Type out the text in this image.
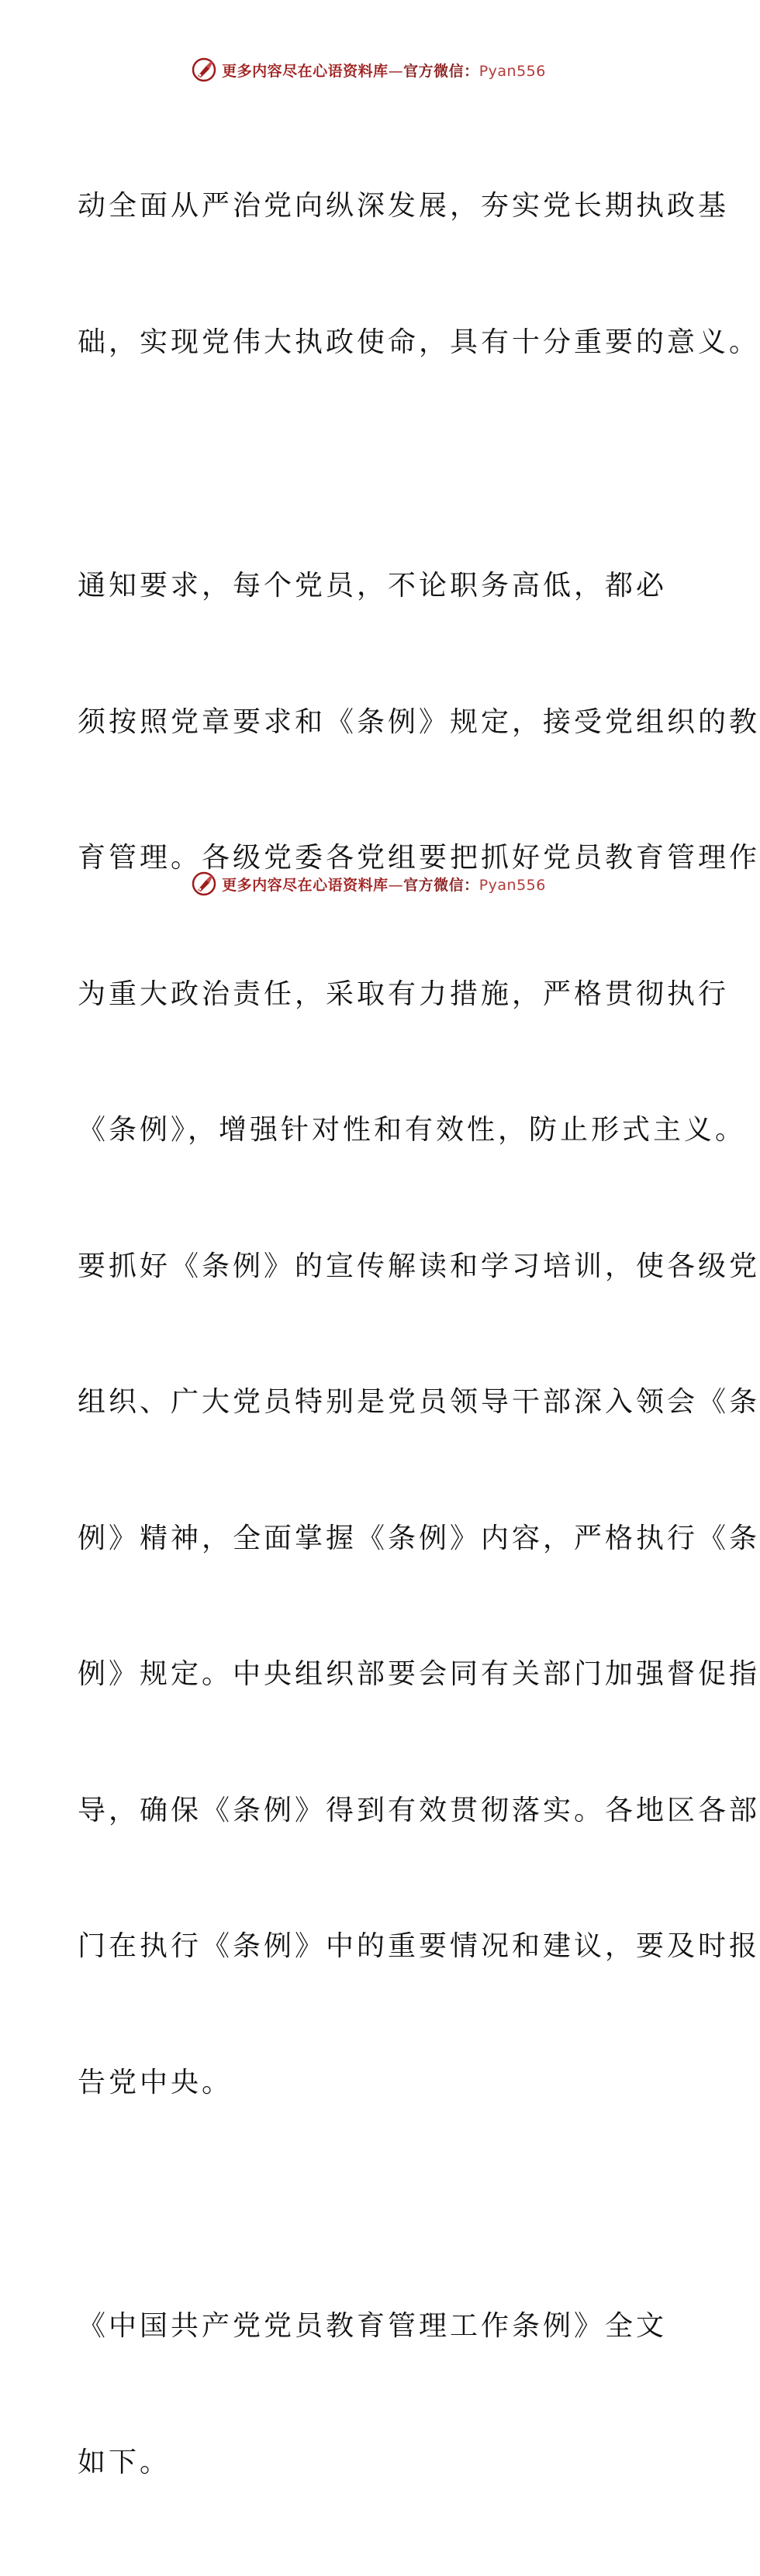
更多内容尽在心语资料库—官方微信：Pyan556

动全面从严治党向纵深发展，夯实党长期执政基

础，实现党伟大执政使命，具有十分重要的意义。

通知要求，每个党员，不论职务高低，都必

须按照党章要求和《条例》规定，接受党组织的教

育管理。各级党委各党组要把抓好党员教育管理作

为重大政治责任，采取有力措施，严格贯彻执行

《条例》，增强针对性和有效性，防止形式主义。

要抓好《条例》的宣传解读和学习培训，使各级党

组织、广大党员特别是党员领导干部深入领会《条

例》精神，全面掌握《条例》内容，严格执行《条

例》规定。中央组织部要会同有关部门加强督促指

导，确保《条例》得到有效贯彻落实。各地区各部

门在执行《条例》中的重要情况和建议，要及时报

告党中央。

《中国共产党党员教育管理工作条例》全文

如下。

更多内容尽在心语资料库—官方微信：Pyan556
